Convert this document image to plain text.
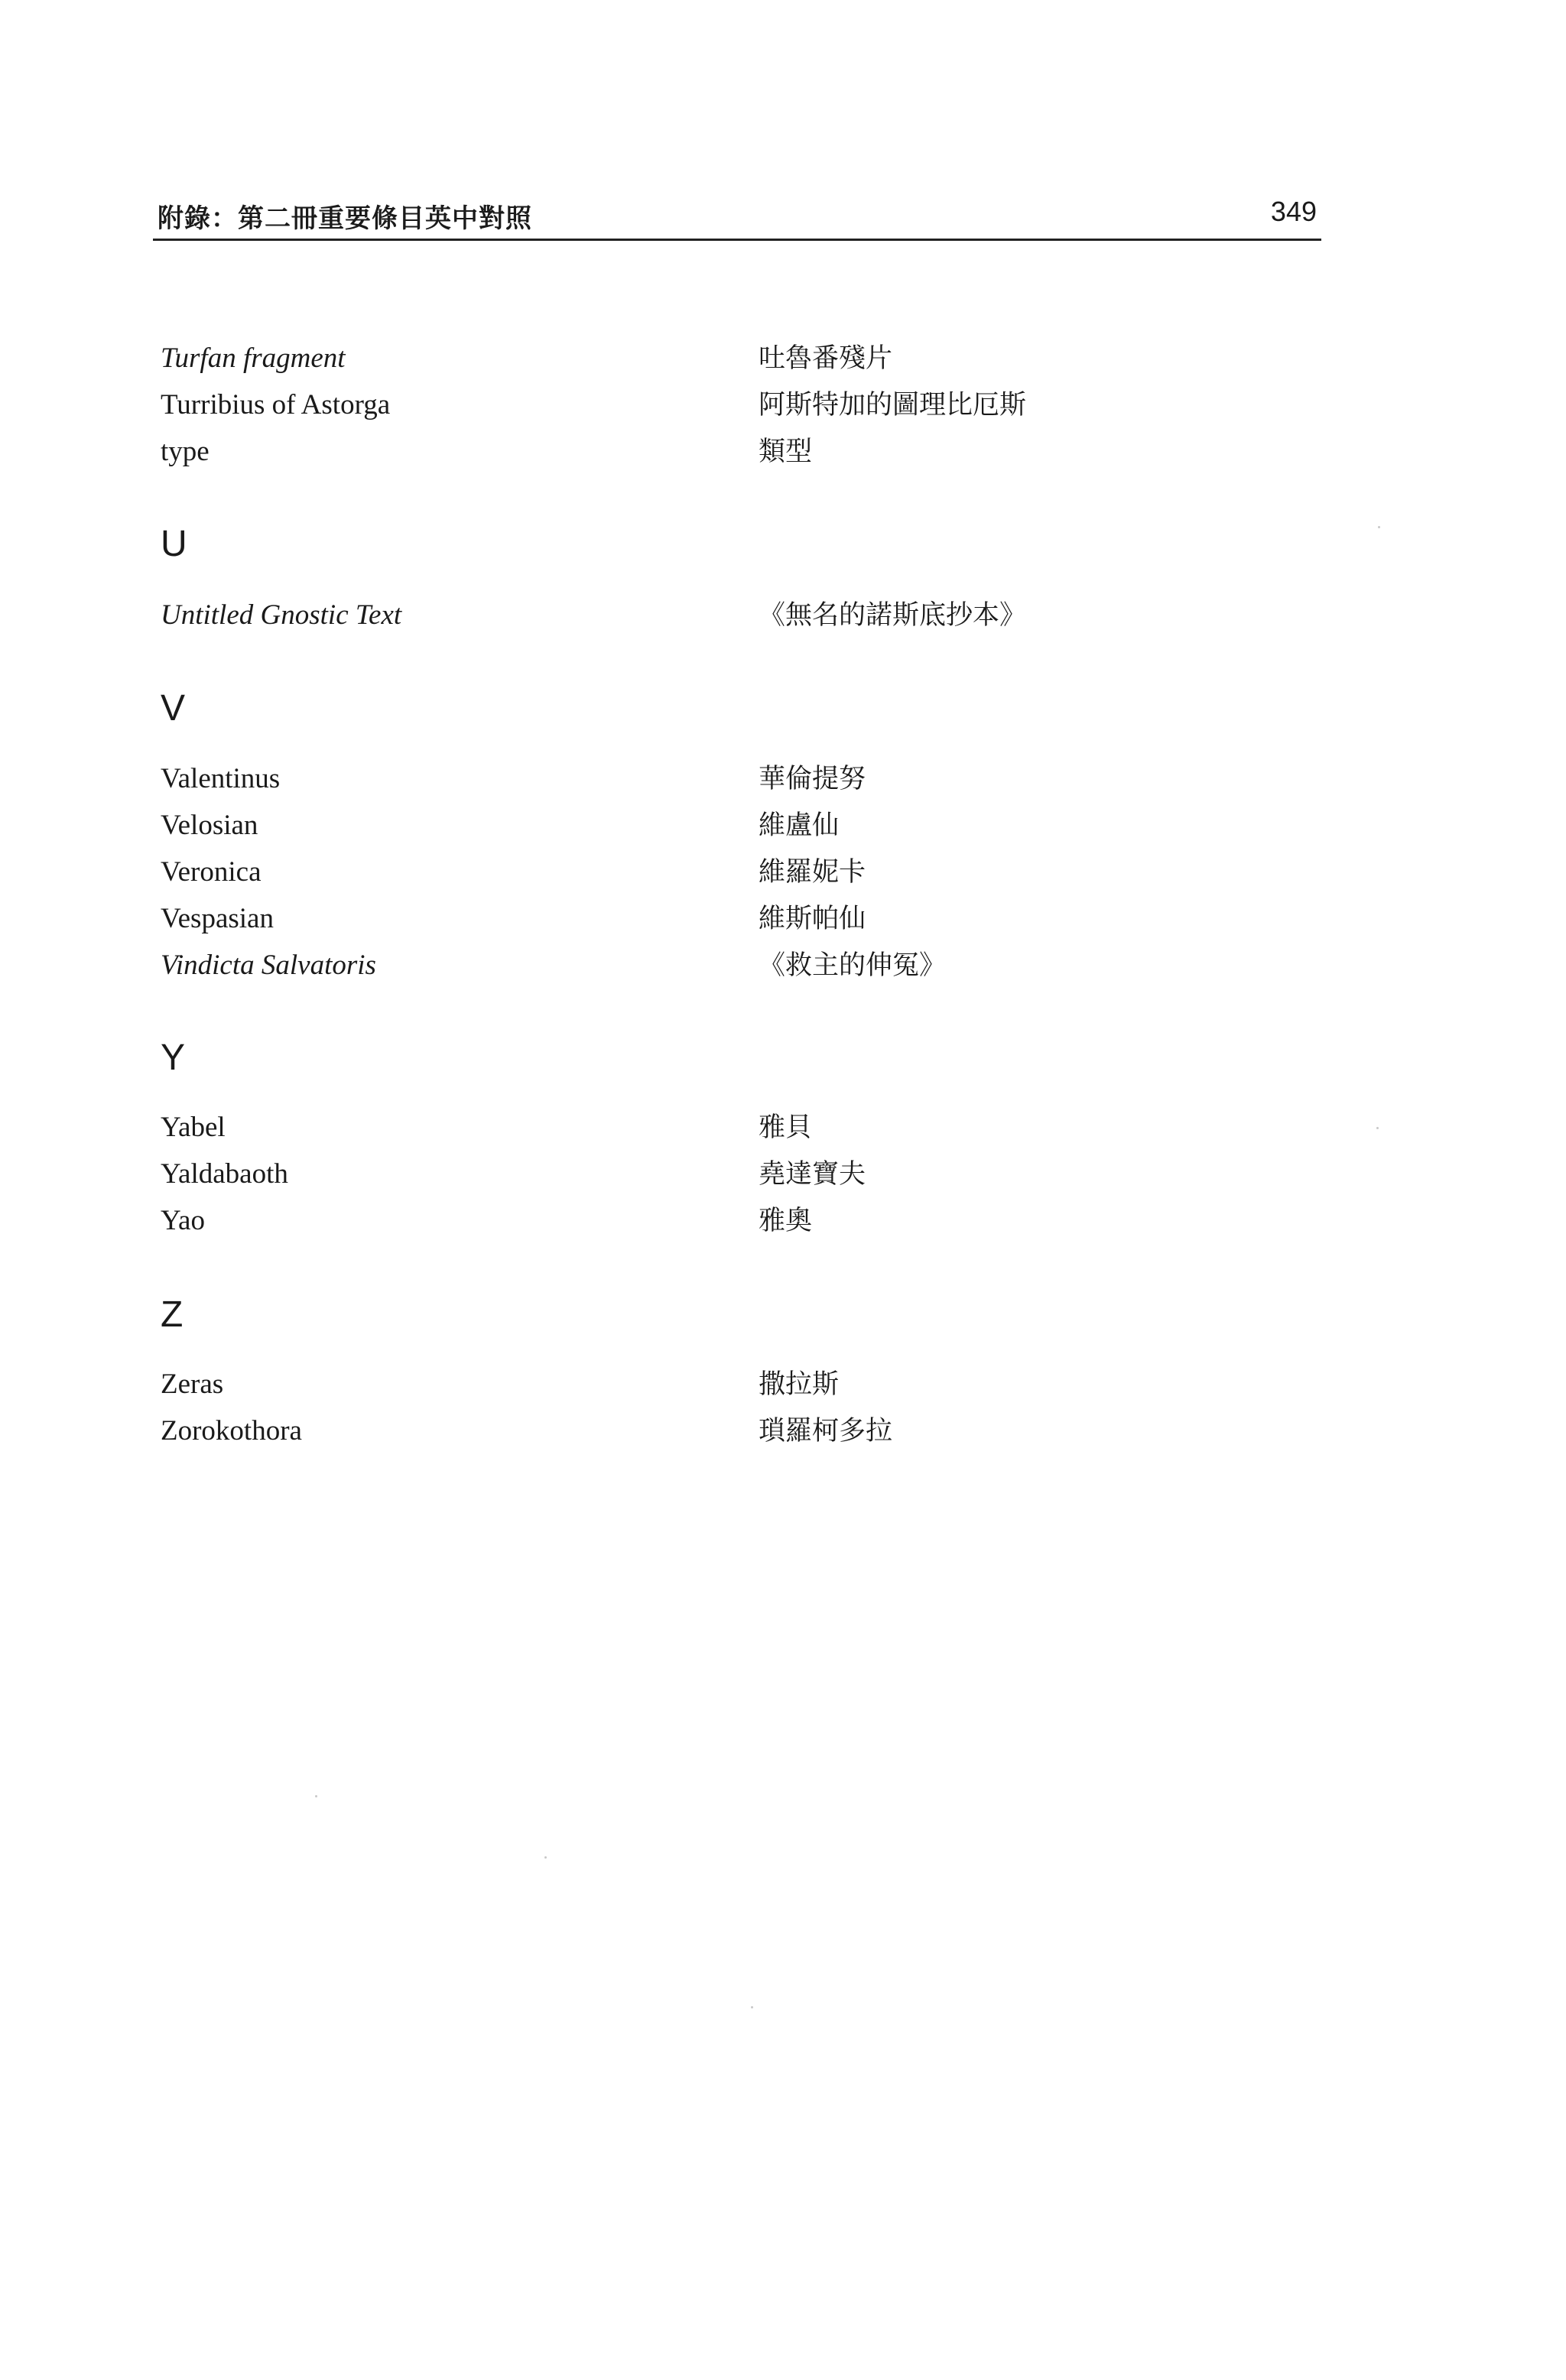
附錄：第二冊重要條目英中對照	349
Turfan fragment	吐魯番殘片
Turribius of Astorga	阿斯特加的圖理比厄斯
type	類型
U
Untitled Gnostic Text	《無名的諾斯底抄本》
V
Valentinus	華倫提努
Velosian	維盧仙
Veronica	維羅妮卡
Vespasian	維斯帕仙
Vindicta Salvatoris	《救主的伸冤》
Y
Yabel	雅貝
Yaldabaoth	堯達寶夫
Yao	雅奧
Z
Zeras	撒拉斯
Zorokothora	瑣羅柯多拉
